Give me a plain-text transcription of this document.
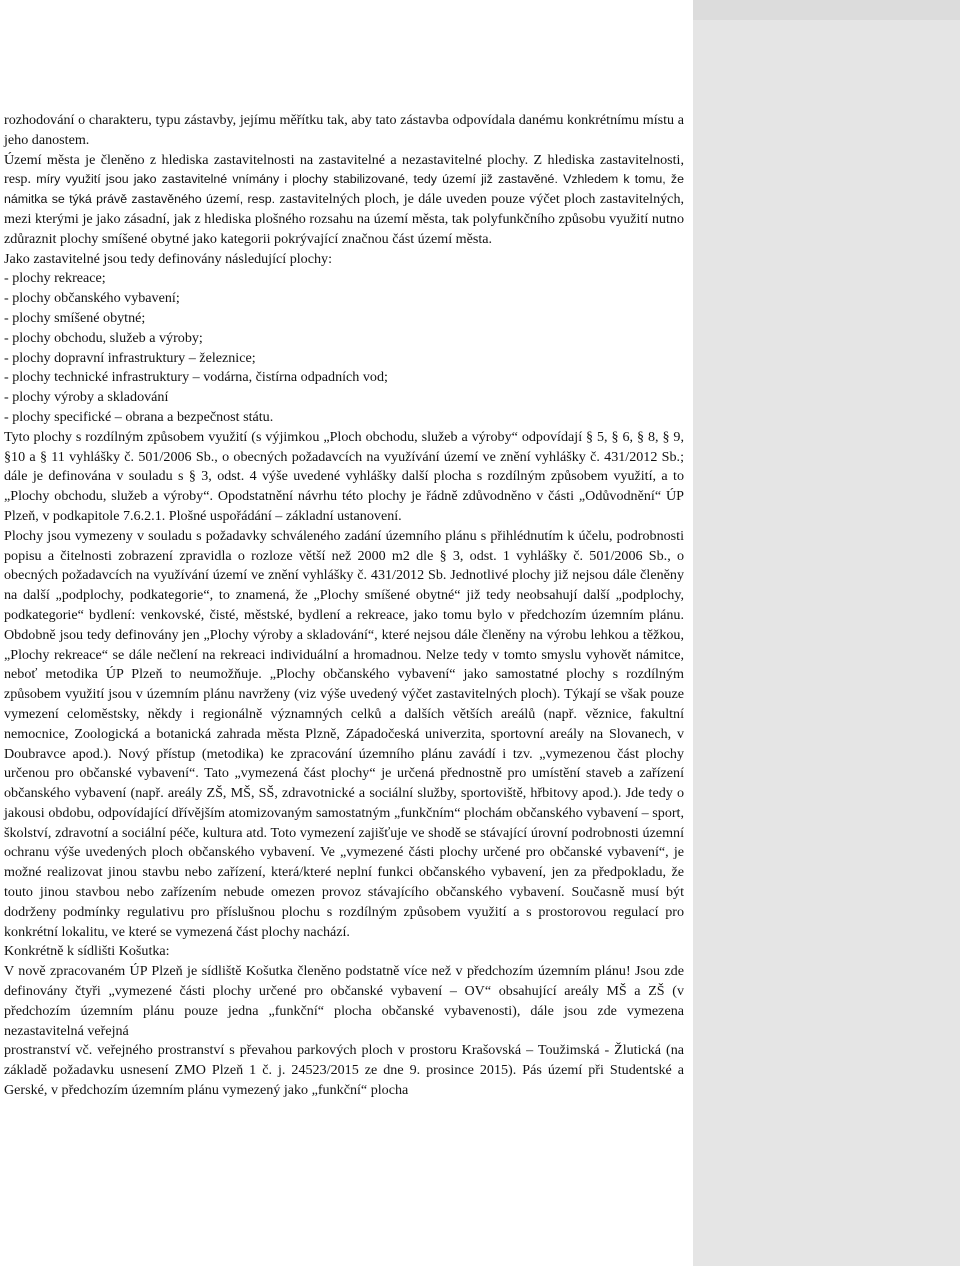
rozhodování o charakteru, typu zástavby, jejímu měřítku tak, aby tato zástavba odpovídala danému konkrétnímu místu a jeho danostem.

Území města je členěno z hlediska zastavitelnosti na zastavitelné a nezastavitelné plochy. Z hlediska zastavitelnosti, resp. míry využití jsou jako zastavitelné vnímány i plochy stabilizované, tedy území již zastavěné. Vzhledem k tomu, že námitka se týká právě zastavěného území, resp. zastavitelných ploch, je dále uveden pouze výčet ploch zastavitelných, mezi kterými je jako zásadní, jak z hlediska plošného rozsahu na území města, tak polyfunkčního způsobu využití nutno zdůraznit plochy smíšené obytné jako kategorii pokrývající značnou část území města.

Jako zastavitelné jsou tedy definovány následující plochy:

- plochy rekreace;
- plochy občanského vybavení;
- plochy smíšené obytné;
- plochy obchodu, služeb a výroby;
- plochy dopravní infrastruktury – železnice;
- plochy technické infrastruktury – vodárna, čistírna odpadních vod;
- plochy výroby a skladování
- plochy specifické – obrana a bezpečnost státu.

Tyto plochy s rozdílným způsobem využití (s výjimkou „Ploch obchodu, služeb a výroby“ odpovídají § 5, § 6, § 8, § 9, §10 a § 11 vyhlášky č. 501/2006 Sb., o obecných požadavcích na využívání území ve znění vyhlášky č. 431/2012 Sb.; dále je definována v souladu s § 3, odst. 4 výše uvedené vyhlášky další plocha s rozdílným způsobem využití, a to „Plochy obchodu, služeb a výroby“. Opodstatnění návrhu této plochy je řádně zdůvodněno v části „Odůvodnění“ ÚP Plzeň, v podkapitole 7.6.2.1. Plošné uspořádání – základní ustanovení.

Plochy jsou vymezeny v souladu s požadavky schváleného zadání územního plánu s přihlédnutím k účelu, podrobnosti popisu a čitelnosti zobrazení zpravidla o rozloze větší než 2000 m2 dle § 3, odst. 1 vyhlášky č. 501/2006 Sb., o obecných požadavcích na využívání území ve znění vyhlášky č. 431/2012 Sb. Jednotlivé plochy již nejsou dále členěny na další „podplochy, podkategorie“, to znamená, že „Plochy smíšené obytné“ již tedy neobsahují další „podplochy, podkategorie“ bydlení: venkovské, čisté, městské, bydlení a rekreace, jako tomu bylo v předchozím územním plánu. Obdobně jsou tedy definovány jen „Plochy výroby a skladování“, které nejsou dále členěny na výrobu lehkou a těžkou, „Plochy rekreace“ se dále nečlení na rekreaci individuální a hromadnou. Nelze tedy v tomto smyslu vyhovět námitce, neboť metodika ÚP Plzeň to neumožňuje. „Plochy občanského vybavení“ jako samostatné plochy s rozdílným způsobem využití jsou v územním plánu navrženy (viz výše uvedený výčet zastavitelných ploch). Týkají se však pouze vymezení celoměstsky, někdy i regionálně významných celků a dalších větších areálů (např. věznice, fakultní nemocnice, Zoologická a botanická zahrada města Plzně, Západočeská univerzita, sportovní areály na Slovanech, v Doubravce apod.). Nový přístup (metodika) ke zpracování územního plánu zavádí i tzv. „vymezenou část plochy určenou pro občanské vybavení“. Tato „vymezená část plochy“ je určená přednostně pro umístění staveb a zařízení občanského vybavení (např. areály ZŠ, MŠ, SŠ, zdravotnické a sociální služby, sportoviště, hřbitovy apod.). Jde tedy o jakousi obdobu, odpovídající dřívějším atomizovaným samostatným „funkčním“ plochám občanského vybavení – sport, školství, zdravotní a sociální péče, kultura atd. Toto vymezení zajišťuje ve shodě se stávající úrovní podrobnosti územní ochranu výše uvedených ploch občanského vybavení. Ve „vymezené části plochy určené pro občanské vybavení“, je možné realizovat jinou stavbu nebo zařízení, která/které neplní funkci občanského vybavení, jen za předpokladu, že touto jinou stavbou nebo zařízením nebude omezen provoz stávajícího občanského vybavení. Současně musí být dodrženy podmínky regulativu pro příslušnou plochu s rozdílným způsobem využití a s prostorovou regulací pro konkrétní lokalitu, ve které se vymezená část plochy nachází.

Konkrétně k sídlišti Košutka:

V nově zpracovaném ÚP Plzeň je sídliště Košutka členěno podstatně více než v předchozím územním plánu! Jsou zde definovány čtyři „vymezené části plochy určené pro občanské vybavení – OV“ obsahující areály MŠ a ZŠ (v předchozím územním plánu pouze jedna „funkční“ plocha občanské vybavenosti), dále jsou zde vymezena nezastavitelná veřejná

prostranství vč. veřejného prostranství s převahou parkových ploch v prostoru Krašovská – Toužimská - Žlutická (na základě požadavku usnesení ZMO Plzeň 1 č. j. 24523/2015 ze dne 9. prosince 2015). Pás území při Studentské a Gerské, v předchozím územním plánu vymezený jako „funkční“ plocha
